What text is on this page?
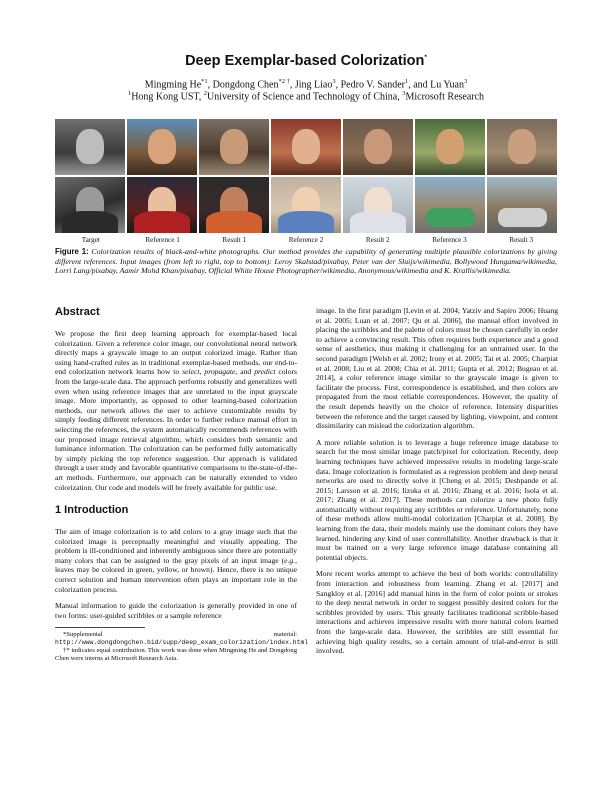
Deep Exemplar-based Colorization*
Mingming He$^{*1}$, Dongdong Chen$^{*2 \dagger}$, Jing Liao$^3$, Pedro V. Sander$^1$, and Lu Yuan$^3$
$^1$Hong Kong UST, $^2$University of Science and Technology of China, $^3$Microsoft Research
Target	Reference 1	Result 1	Reference 2	Result 2	Reference 3	Result 3
Figure 1: Colorization results of black-and-white photographs. Our method provides the capability of generating multiple plausible colorizations by giving different references. Input images (from left to right, top to bottom): Leroy Skalstad/pixabay, Peter van der Sluijs/wikimedia, Bollywood Hungama/wikimedia, Lorri Lang/pixabay, Aamir Mohd Khan/pixabay, Official White House Photographer/wikimedia, Anonymous/wikimedia and K. Krallis/wikimedia.
Abstract

We propose the first deep learning approach for exemplar-based local colorization. Given a reference color image, our convolutional neural network directly maps a grayscale image to an output colorized image. Rather than using hand-crafted rules as in traditional exemplar-based methods, our end-to-end colorization network learns how to select, propagate, and predict colors from the large-scale data. The approach performs robustly and generalizes well even when using reference images that are unrelated to the input grayscale image. More importantly, as opposed to other learning-based colorization methods, our network allows the user to achieve customizable results by simply feeding different references. In order to further reduce manual effort in selecting the references, the system automatically recommends references with our proposed image retrieval algorithm, which considers both semantic and luminance information. The colorization can be performed fully automatically by simply picking the top reference suggestion. Our approach is validated through a user study and favorable quantitative comparisons to the-state-of-the-art methods. Furthermore, our approach can be naturally extended to video colorization. Our code and models will be freely available for public use.

1 Introduction

The aim of image colorization is to add colors to a gray image such that the colorized image is perceptually meaningful and visually appealing. The problem is ill-conditioned and inherently ambiguous since there are potentially many colors that can be assigned to the gray pixels of an input image (e.g., leaves may be colored in green, yellow, or brown). Hence, there is no unique correct solution and human intervention often plays an important role in the colorization process.

Manual information to guide the colorization is generally provided in one of two forms: user-guided scribbles or a sample reference

*Supplemental material: http://www.dongdongchen.bid/supp/deep_exam_colorization/index.html

†* indicates equal contribution. This work was done when Mingming He and Dongdong Chen were interns at Microsoft Research Asia.

image. In the first paradigm [Levin et al. 2004; Yatziv and Sapiro 2006; Huang et al. 2005; Luan et al. 2007; Qu et al. 2006], the manual effort involved in placing the scribbles and the palette of colors must be chosen carefully in order to achieve a convincing result. This often requires both experience and a good sense of aesthetics, thus making it challenging for an untrained user. In the second paradigm [Welsh et al. 2002; Irony et al. 2005; Tai et al. 2005; Charpiat et al. 2008; Liu et al. 2008; Chia et al. 2011; Gupta et al. 2012; Bugeau et al. 2014], a color reference image similar to the grayscale image is given to facilitate the process. First, correspondence is established, and then colors are propagated from the most reliable correspondences. However, the quality of the result depends heavily on the choice of reference. Intensity disparities between the reference and the target caused by lighting, viewpoint, and content dissimilarity can mislead the colorization algorithm.

A more reliable solution is to leverage a huge reference image database to search for the most similar image patch/pixel for colorization. Recently, deep learning techniques have achieved impressive results in modeling large-scale data. Image colorization is formulated as a regression problem and deep neural networks are used to directly solve it [Cheng et al. 2015; Deshpande et al. 2015; Larsson et al. 2016; Iizuka et al. 2016; Zhang et al. 2016; Isola et al. 2017; Zhang et al. 2017]. These methods can colorize a new photo fully automatically without requiring any scribbles or reference. Unfortunately, none of these methods allow multi-modal colorization [Charpiat et al. 2008]. By learning from the data, their models mainly use the dominant colors they have learned, hindering any kind of user controllability. Another drawback is that it must be trained on a very large reference image database containing all potential objects.

More recent works attempt to achieve the best of both worlds: controllability from interaction and robustness from learning. Zhang et al. [2017] and Sangkloy et al. [2016] add manual hints in the form of color points or strokes to the deep neural network in order to suggest possibly desired colors for the scribbles provided by users. This greatly facilitates traditional scribble-based interactions and achieves impressive results with more natural colors learned from the large-scale data. However, the scribbles are still essential for achieving high quality results, so a certain amount of trial-and-error is still involved.
